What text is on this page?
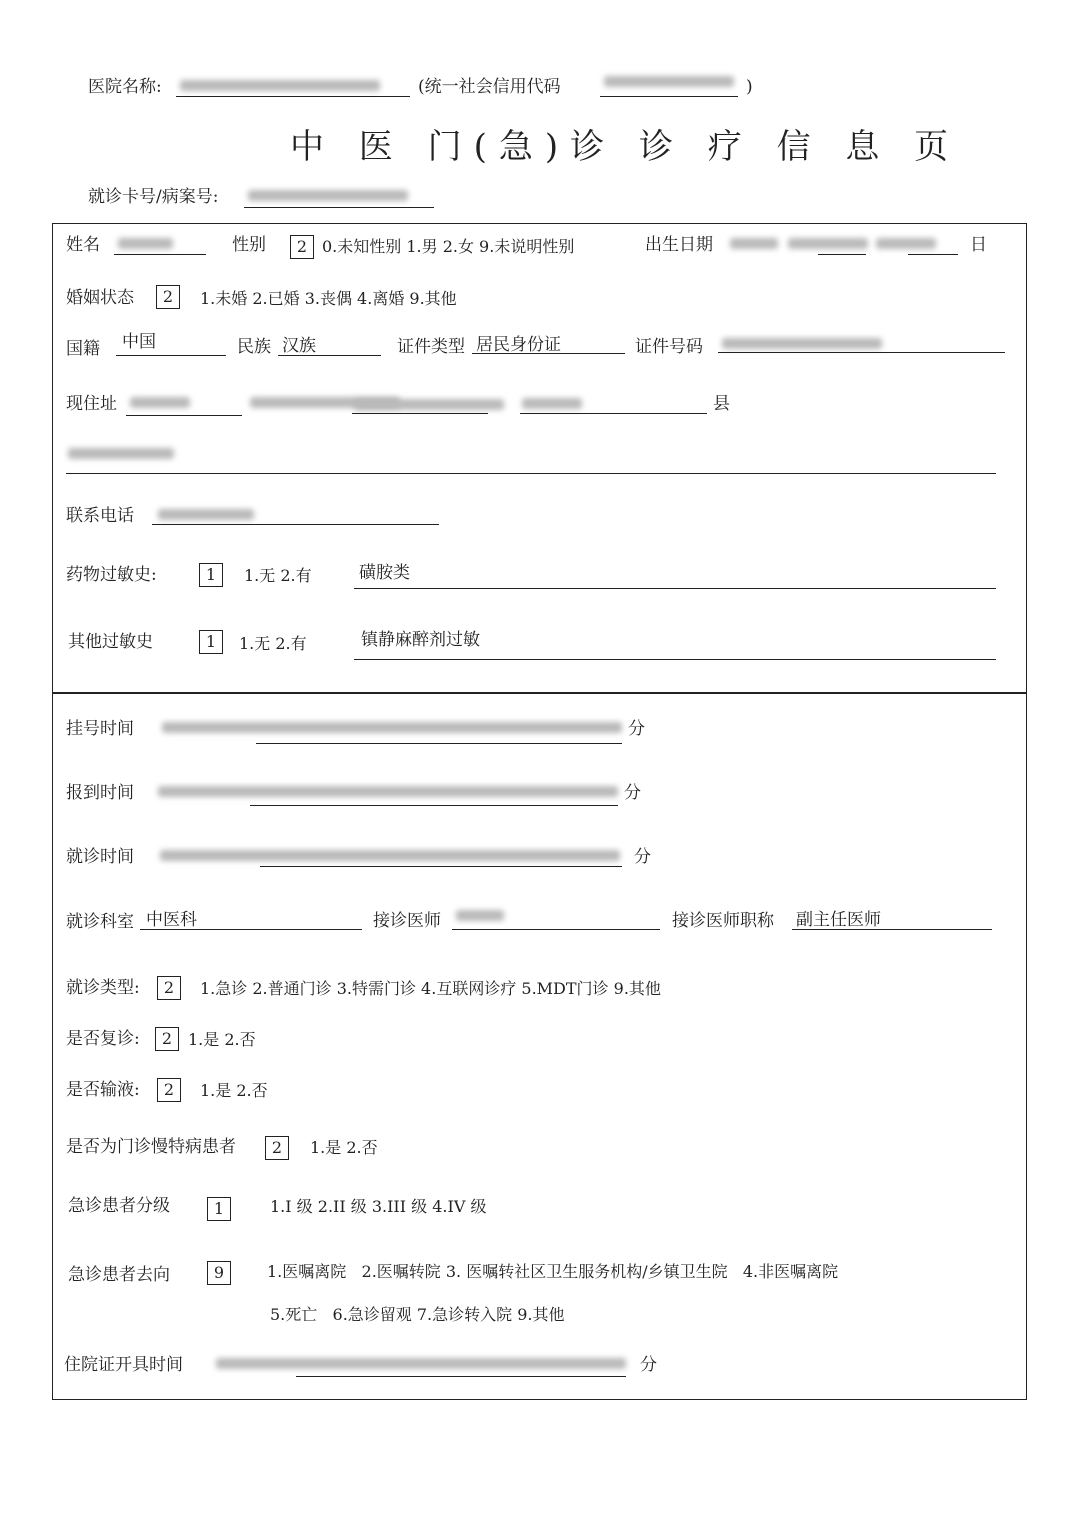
医院名称:	(统一社会信用代码	)
中 医 门(急)诊 诊 疗 信 息 页
就诊卡号/病案号:
姓名	性别	2 0.未知性别 1.男 2.女 9.未说明性别	出生日期	日
婚姻状态	2	1.未婚 2.已婚 3.丧偶 4.离婚 9.其他
国籍 中国	民族 汉族	证件类型 居民身份证	证件号码
现住址	县
联系电话
药物过敏史:	1	1.无 2.有	磺胺类
其他过敏史	1	1.无 2.有	镇静麻醉剂过敏
挂号时间	分
报到时间	分
就诊时间	分
就诊科室 中医科	接诊医师	接诊医师职称 副主任医师
就诊类型:	2	1.急诊 2.普通门诊 3.特需门诊 4.互联网诊疗 5.MDT门诊 9.其他
是否复诊:	2 1.是 2.否
是否输液:	2	1.是 2.否
是否为门诊慢特病患者	2	1.是 2.否
急诊患者分级	1	1.I 级 2.II 级 3.III 级 4.IV 级
急诊患者去向	9	1.医嘱离院   2.医嘱转院 3. 医嘱转社区卫生服务机构/乡镇卫生院   4.非医嘱离院
5.死亡   6.急诊留观 7.急诊转入院 9.其他
住院证开具时间	分
